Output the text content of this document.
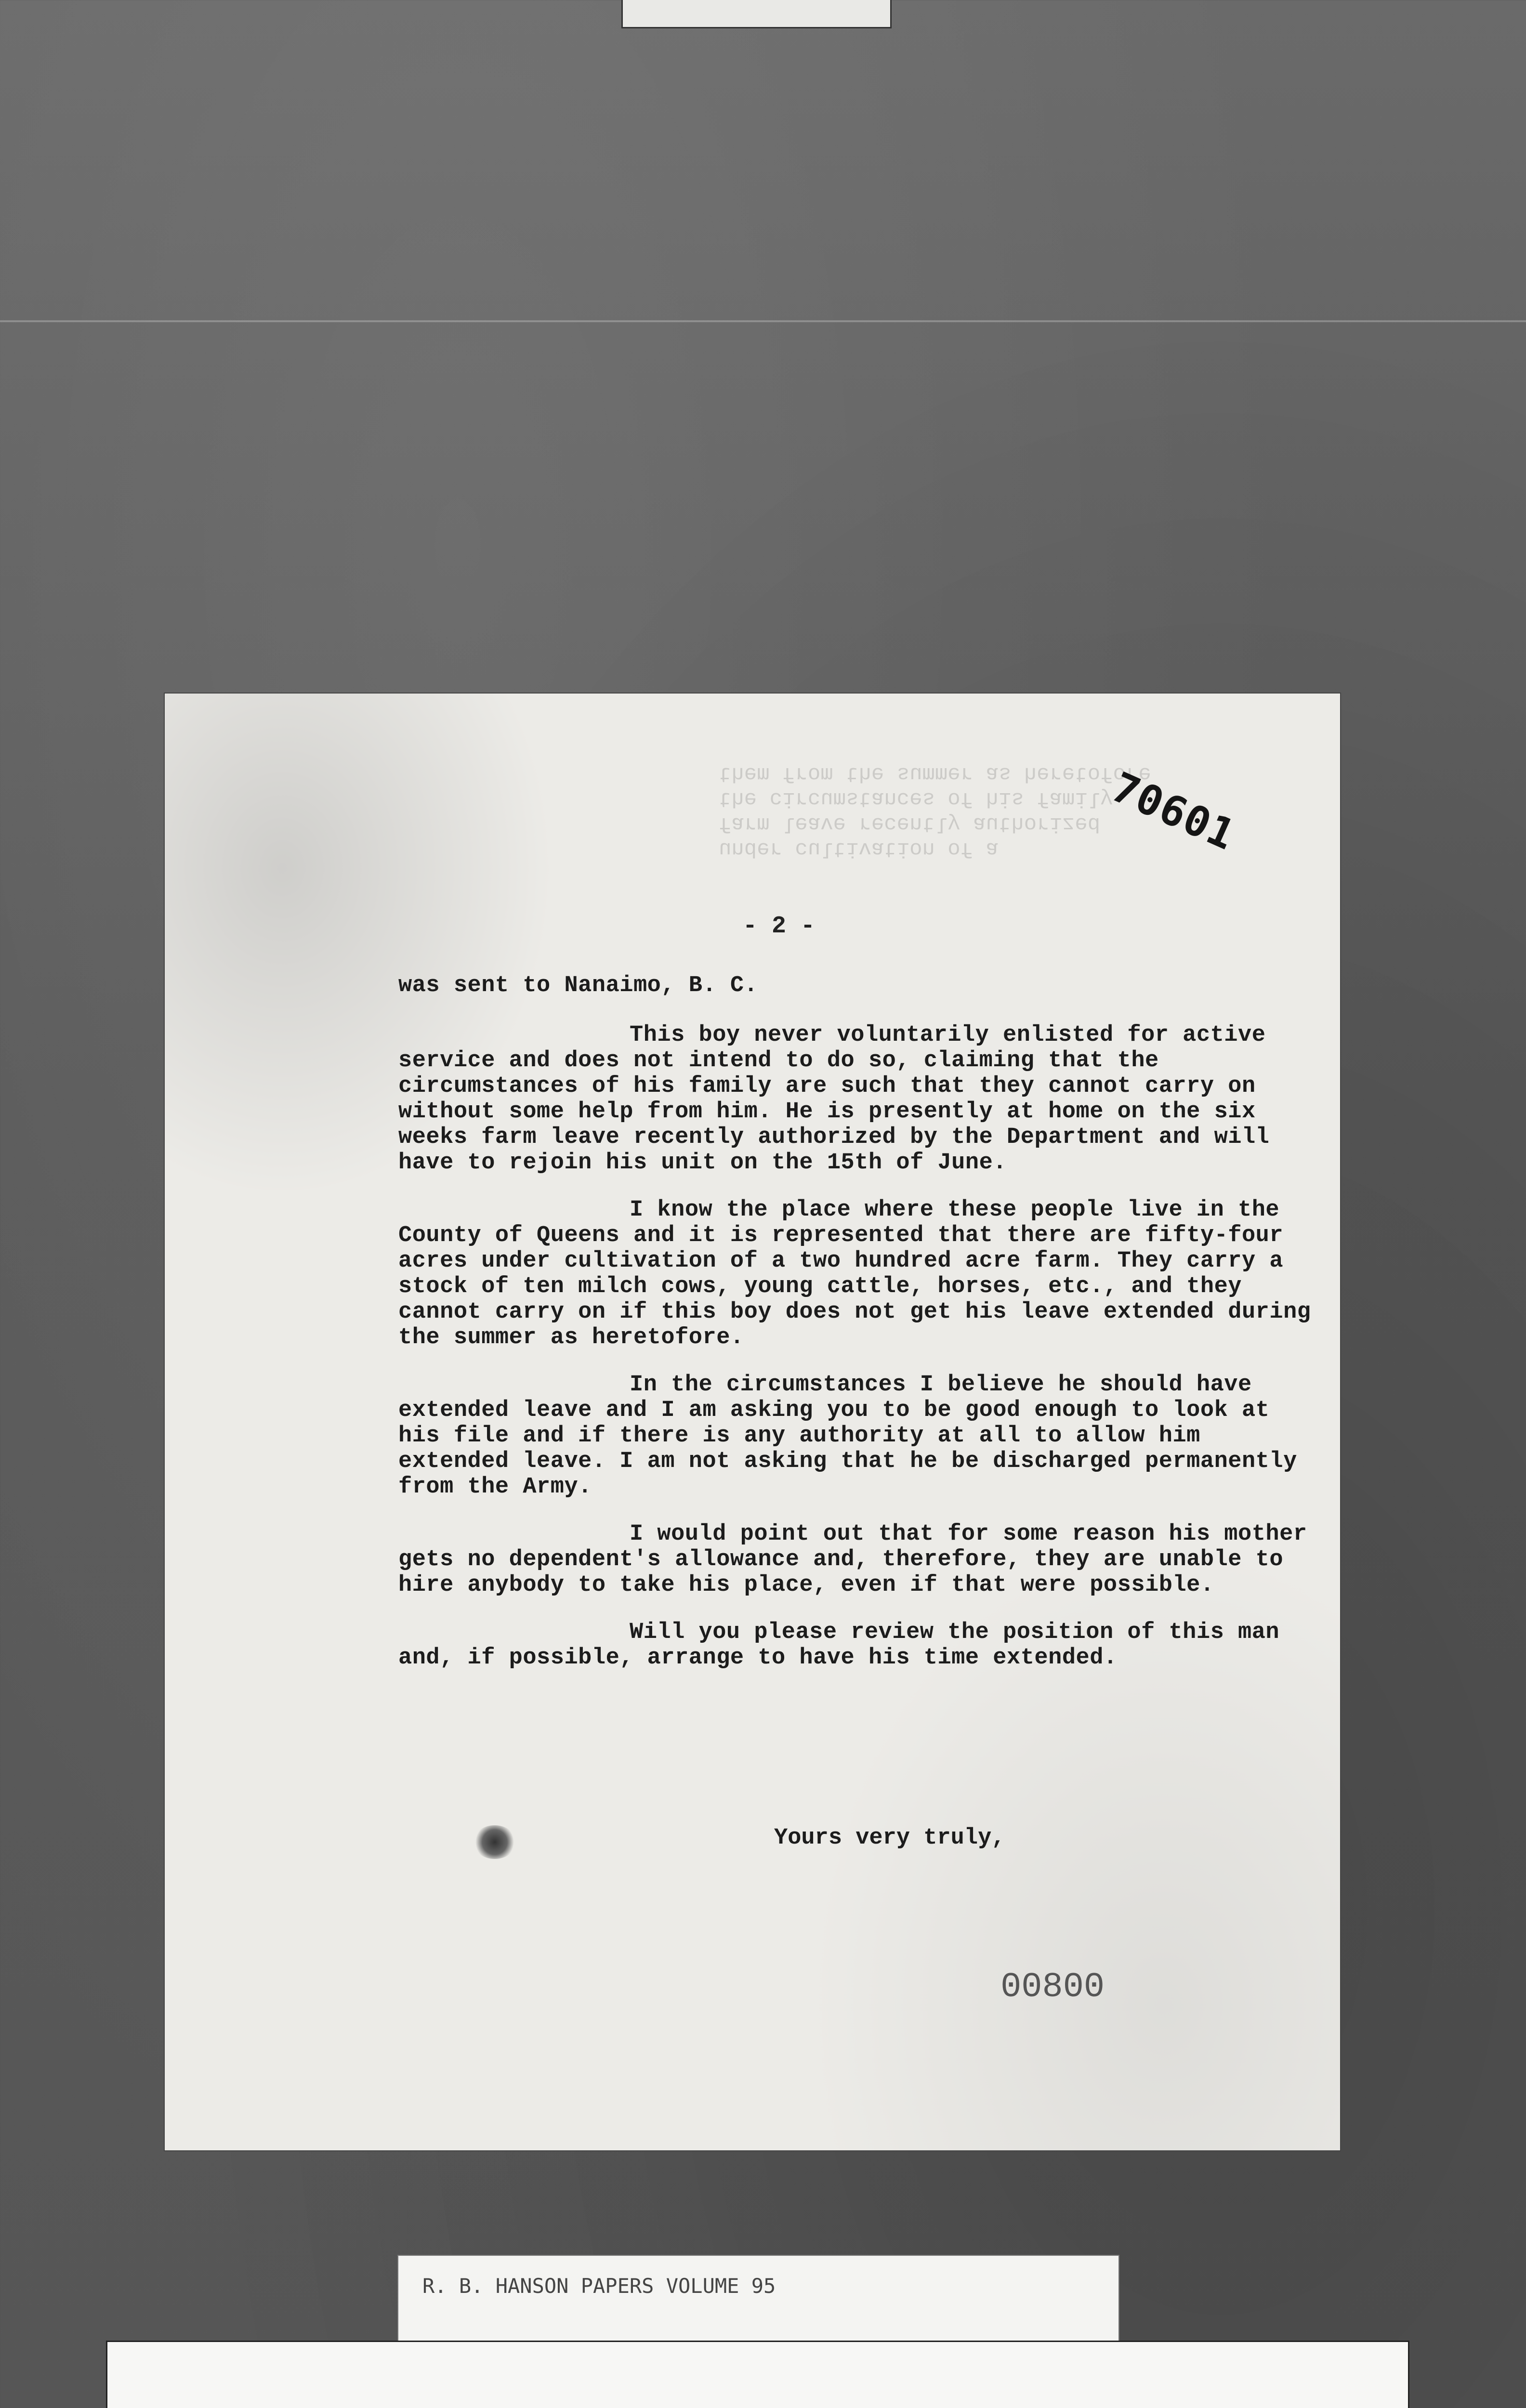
under cultivation of a
farm leave recently authorized
the circumstances of his family
them from the summer as heretofore
70601
- 2 -

was sent to Nanaimo, B. C.

This boy never voluntarily enlisted for active service and does not intend to do so, claiming that the circumstances of his family are such that they cannot carry on without some help from him. He is presently at home on the six weeks farm leave recently authorized by the Department and will have to rejoin his unit on the 15th of June.

I know the place where these people live in the County of Queens and it is represented that there are fifty-four acres under cultivation of a two hundred acre farm. They carry a stock of ten milch cows, young cattle, horses, etc., and they cannot carry on if this boy does not get his leave extended during the summer as heretofore.

In the circumstances I believe he should have extended leave and I am asking you to be good enough to look at his file and if there is any authority at all to allow him extended leave. I am not asking that he be discharged permanently from the Army.

I would point out that for some reason his mother gets no dependent's allowance and, therefore, they are unable to hire anybody to take his place, even if that were possible.

Will you please review the position of this man and, if possible, arrange to have his time extended.

Yours very truly,
00800
R. B. HANSON PAPERS VOLUME 95
